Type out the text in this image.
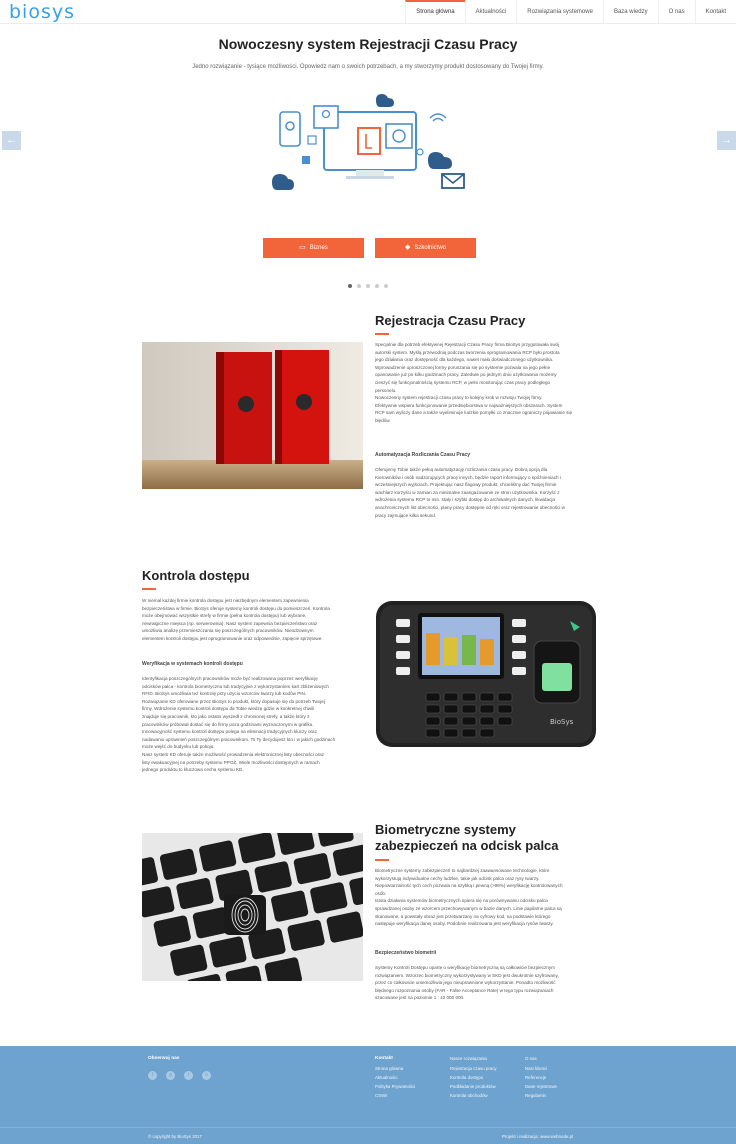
biosys	Strona główna	Aktualności	Rozwiązania systemowe	Baza wiedzy	O nas	Kontakt
Nowoczesny system Rejestracji Czasu Pracy
Jedno rozwiązanie - tysiące możliwości. Opowiedz nam o swoich potrzebach, a my stworzymy produkt dostosowany do Twojej firmy.
←	→
▭ Biznes	◆ Szkolnictwo
Rejestracja Czasu Pracy
Specjalnie dla potrzeb efektywnej Rejestracji Czasu Pracy firma BioSys przygotowała swój
autorski system. Myślą przewodnią podczas tworzenia oprogramowania RCP było prostota
jego działania oraz dostępność dla każdego, nawet mało doświadczonego użytkownika.
Wprowadzenie uproszczonej formy poruszania się po systemie pozwala na jego pełne
opanowanie już po kilku godzinach pracy. Zaledwie po jednym dniu użytkowania możemy
cieszyć się funkcjonalnością systemu RCP, w pełni monitorując czas pracy podległego
personelu.
Nowoczesny system rejestracji czasu pracy to kolejny krok w rozwoju Twojej firmy.
Efektywnie wspiera funkcjonowanie przedsiębiorstwa w najważniejszych obszarach. System
RCP sam wyliczy dane a także wyeliminuje ludzkie pomyłki co znacznie ograniczy pojawianie się
błędów.
Automatyzacja Rozliczania Czasu Pracy
Oferujemy Tobie także pełną automatyzację rozliczania czasu pracy. Dobrą opcją dla
Kierowników i osób nadzorujących pracę innych, będzie raport informujący o spóźnieniach i
wcześniejszych wyjściach. Projektując nasz flagowy produkt, chcieliśmy dać Twojej firmie
wachlarz korzyści w zamian za minimalne zaangażowanie ze stron użytkownika. Korzyść z
wdrożenia systemu RCP to min. stały i szybki dostęp do archiwalnych danych, likwidacja
anachronicznych list obecności, plany pracy dostępne od ręki oraz rejestrowanie obecności w
pracy zajmujące kilka sekund.
Kontrola dostępu
W niemal każdej firmie kontrola dostępu jest niezbędnym elementem zapewnienia
bezpieczeństwa w firmie. BioSys oferuje systemy kontroli dostępu do pomieszczeń. Kontrola
może obejmować wszystkie strefy w firmie (pełna kontrola dostępu) lub wybrane,
newralgiczne miejsca (np. serwerownia). Nasz system zapewnia bezpieczeństwo oraz
umożliwia analizę przemieszczania się poszczególnych pracowników. Nieodzownym
elementem kontroli dostępu jest oprogramowanie oraz odpowiednie, zapięcie sprzętowe.
Weryfikacja w systemach kontroli dostępu
Identyfikacja poszczególnych pracowników może być realizowana poprzez weryfikację
odcisków palca - kontrola biometryczna lub tradycyjnie z wykorzystaniem kart zbliżeniowych
RFID. BioSys umożliwia też kontrolę przy użyciu wzorców twarzy lub kodów PIN.
Rozwiązanie KD oferowane przez BioSys to produkt, który dopasuje się do potrzeb Twojej
firmy. Wdrożenie systemu kontroli dostępu da Tobie wiedzę gdzie w konkretnej chwili
znajduje się pracownik, kto jako ostatni wyszedł z chronionej strefy, a także który z
pracowników próbował dostać się do firmy poza godzinami wyznaczonymi w grafiku.
Innowacyjność systemu kontroli dostępu polega na eliminacji tradycyjnych kluczy oraz
nadawaniu uprawnień poszczególnym pracownikom. To Ty decydujesz kto i w jakich godzinach
może wejść do budynku lub pokoju.
Nasz system KD oferuje także możliwość prowadzenia elektronicznej listy obecności oraz
listy ewakuacyjnej na potrzeby systemu PPOŻ. Wiele możliwości dostępnych w ramach
jednego produktu to kluczowa cecha systemu KD.
BioSys
Biometryczne systemy
zabezpieczeń na odcisk palca
Biometryczne systemy zabezpieczeń to najbardziej zaawansowane technologie, które
wykorzystują indywidualne cechy ludzkie, takie jak odcisk palca oraz rysy twarzy.
Niepowtarzalność tych cech pozwala na szybką i pewną (>99%) weryfikację kontrolowanych
osób.
Istota działania systemów biometrycznych opiera się na porównywaniu odcisku palca
sprawdzanej osoby ze wzorcem przechowywanym w bazie danych. Linie papilarne palca są
skanowane, a powstały obraz jest przetwarzany na cyfrowy kod, na podstawie którego
następuje weryfikacja danej osoby. Podobnie realizowana jest weryfikacja rysów twarzy.
Bezpieczeństwo biometrii
Systemy Kontroli Dostępu oparte o weryfikację biometryczną są całkowicie bezpiecznym
rozwiązaniem. Wzorzec biometryczny wykorzystywany w SKD jest dwukrotnie szyfrowany,
przez co całkowicie uniemożliwia jego nieuprawnione wykorzystanie. Ponadto możliwość
błędnego rozpoznania osoby (FAR - False Acceptance Rate) w tego typu rozwiązaniach
szacowane jest na poziomie 1 : 10 000 000.
Obserwuj nas
f	g	t	o
Kontakt
Strona główna
Aktualności
Polityka Prywatności
CSWiI
Nasze rozwiązania
Rejestracja czasu pracy
Kontrola dostępu
Podkładanie produktów
Kontrola obchodów
O nas
Nasi klienci
Referencje
Dane rejestrowe
Regulamin
© copyright by BioSys 2017	Projekt i realizacja: www.webnode.pl
